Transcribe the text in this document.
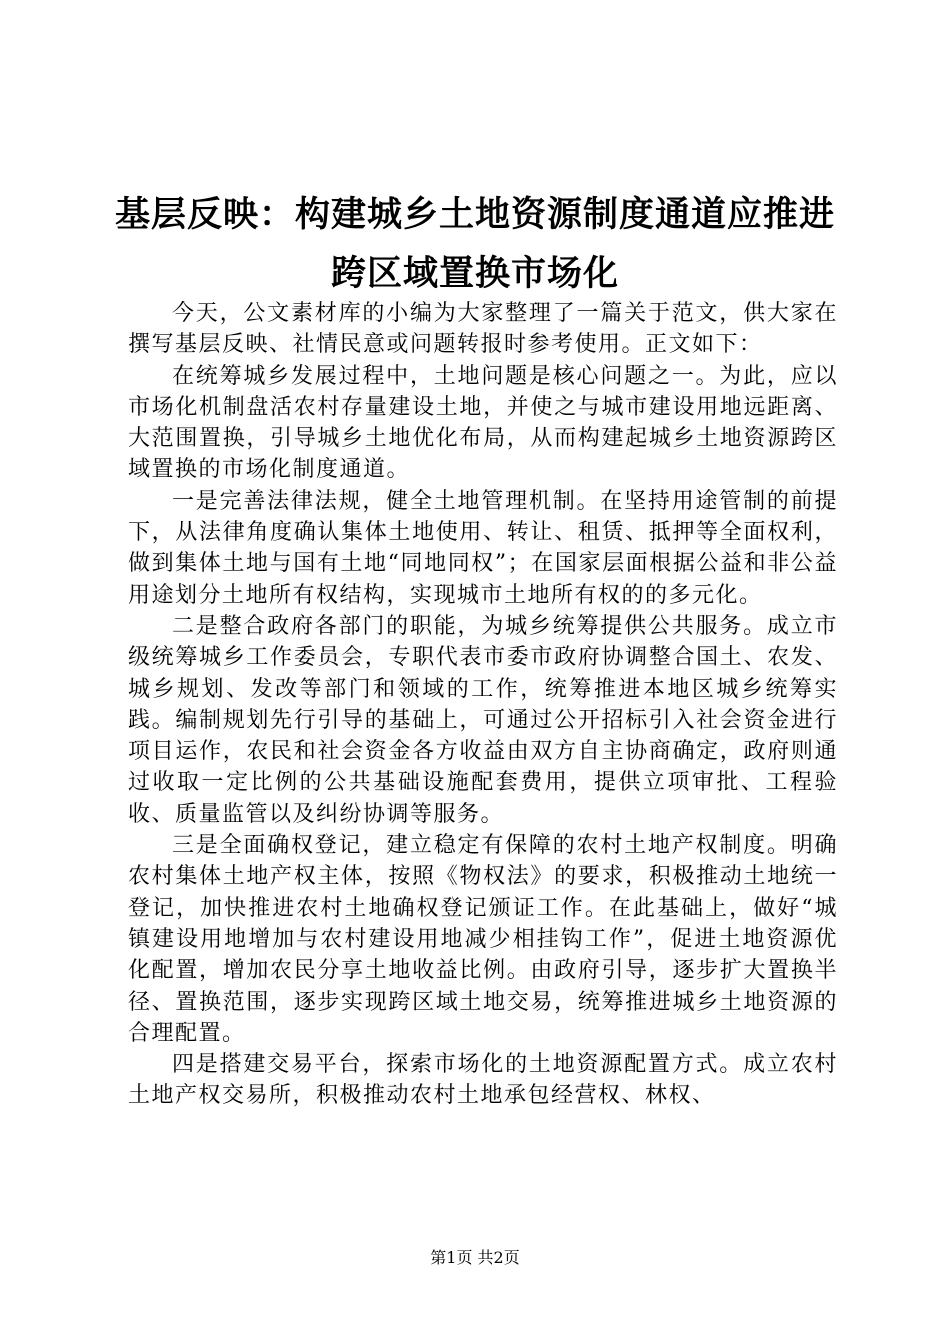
基层反映：构建城乡土地资源制度通道应推进
跨区域置换市场化

今天，公文素材库的小编为大家整理了一篇关于范文，供大家在撰写基层反映、社情民意或问题转报时参考使用。正文如下：

在统筹城乡发展过程中，土地问题是核心问题之一。为此，应以市场化机制盘活农村存量建设土地，并使之与城市建设用地远距离、大范围置换，引导城乡土地优化布局，从而构建起城乡土地资源跨区域置换的市场化制度通道。

一是完善法律法规，健全土地管理机制。在坚持用途管制的前提下，从法律角度确认集体土地使用、转让、租赁、抵押等全面权利，做到集体土地与国有土地“同地同权”；在国家层面根据公益和非公益用途划分土地所有权结构，实现城市土地所有权的的多元化。

二是整合政府各部门的职能，为城乡统筹提供公共服务。成立市级统筹城乡工作委员会，专职代表市委市政府协调整合国土、农发、城乡规划、发改等部门和领域的工作，统筹推进本地区城乡统筹实践。编制规划先行引导的基础上，可通过公开招标引入社会资金进行项目运作，农民和社会资金各方收益由双方自主协商确定，政府则通过收取一定比例的公共基础设施配套费用，提供立项审批、工程验收、质量监管以及纠纷协调等服务。

三是全面确权登记，建立稳定有保障的农村土地产权制度。明确农村集体土地产权主体，按照《物权法》的要求，积极推动土地统一登记，加快推进农村土地确权登记颁证工作。在此基础上，做好“城镇建设用地增加与农村建设用地减少相挂钩工作”，促进土地资源优化配置，增加农民分享土地收益比例。由政府引导，逐步扩大置换半径、置换范围，逐步实现跨区域土地交易，统筹推进城乡土地资源的合理配置。

四是搭建交易平台，探索市场化的土地资源配置方式。成立农村土地产权交易所，积极推动农村土地承包经营权、林权、

第1页 共2页
